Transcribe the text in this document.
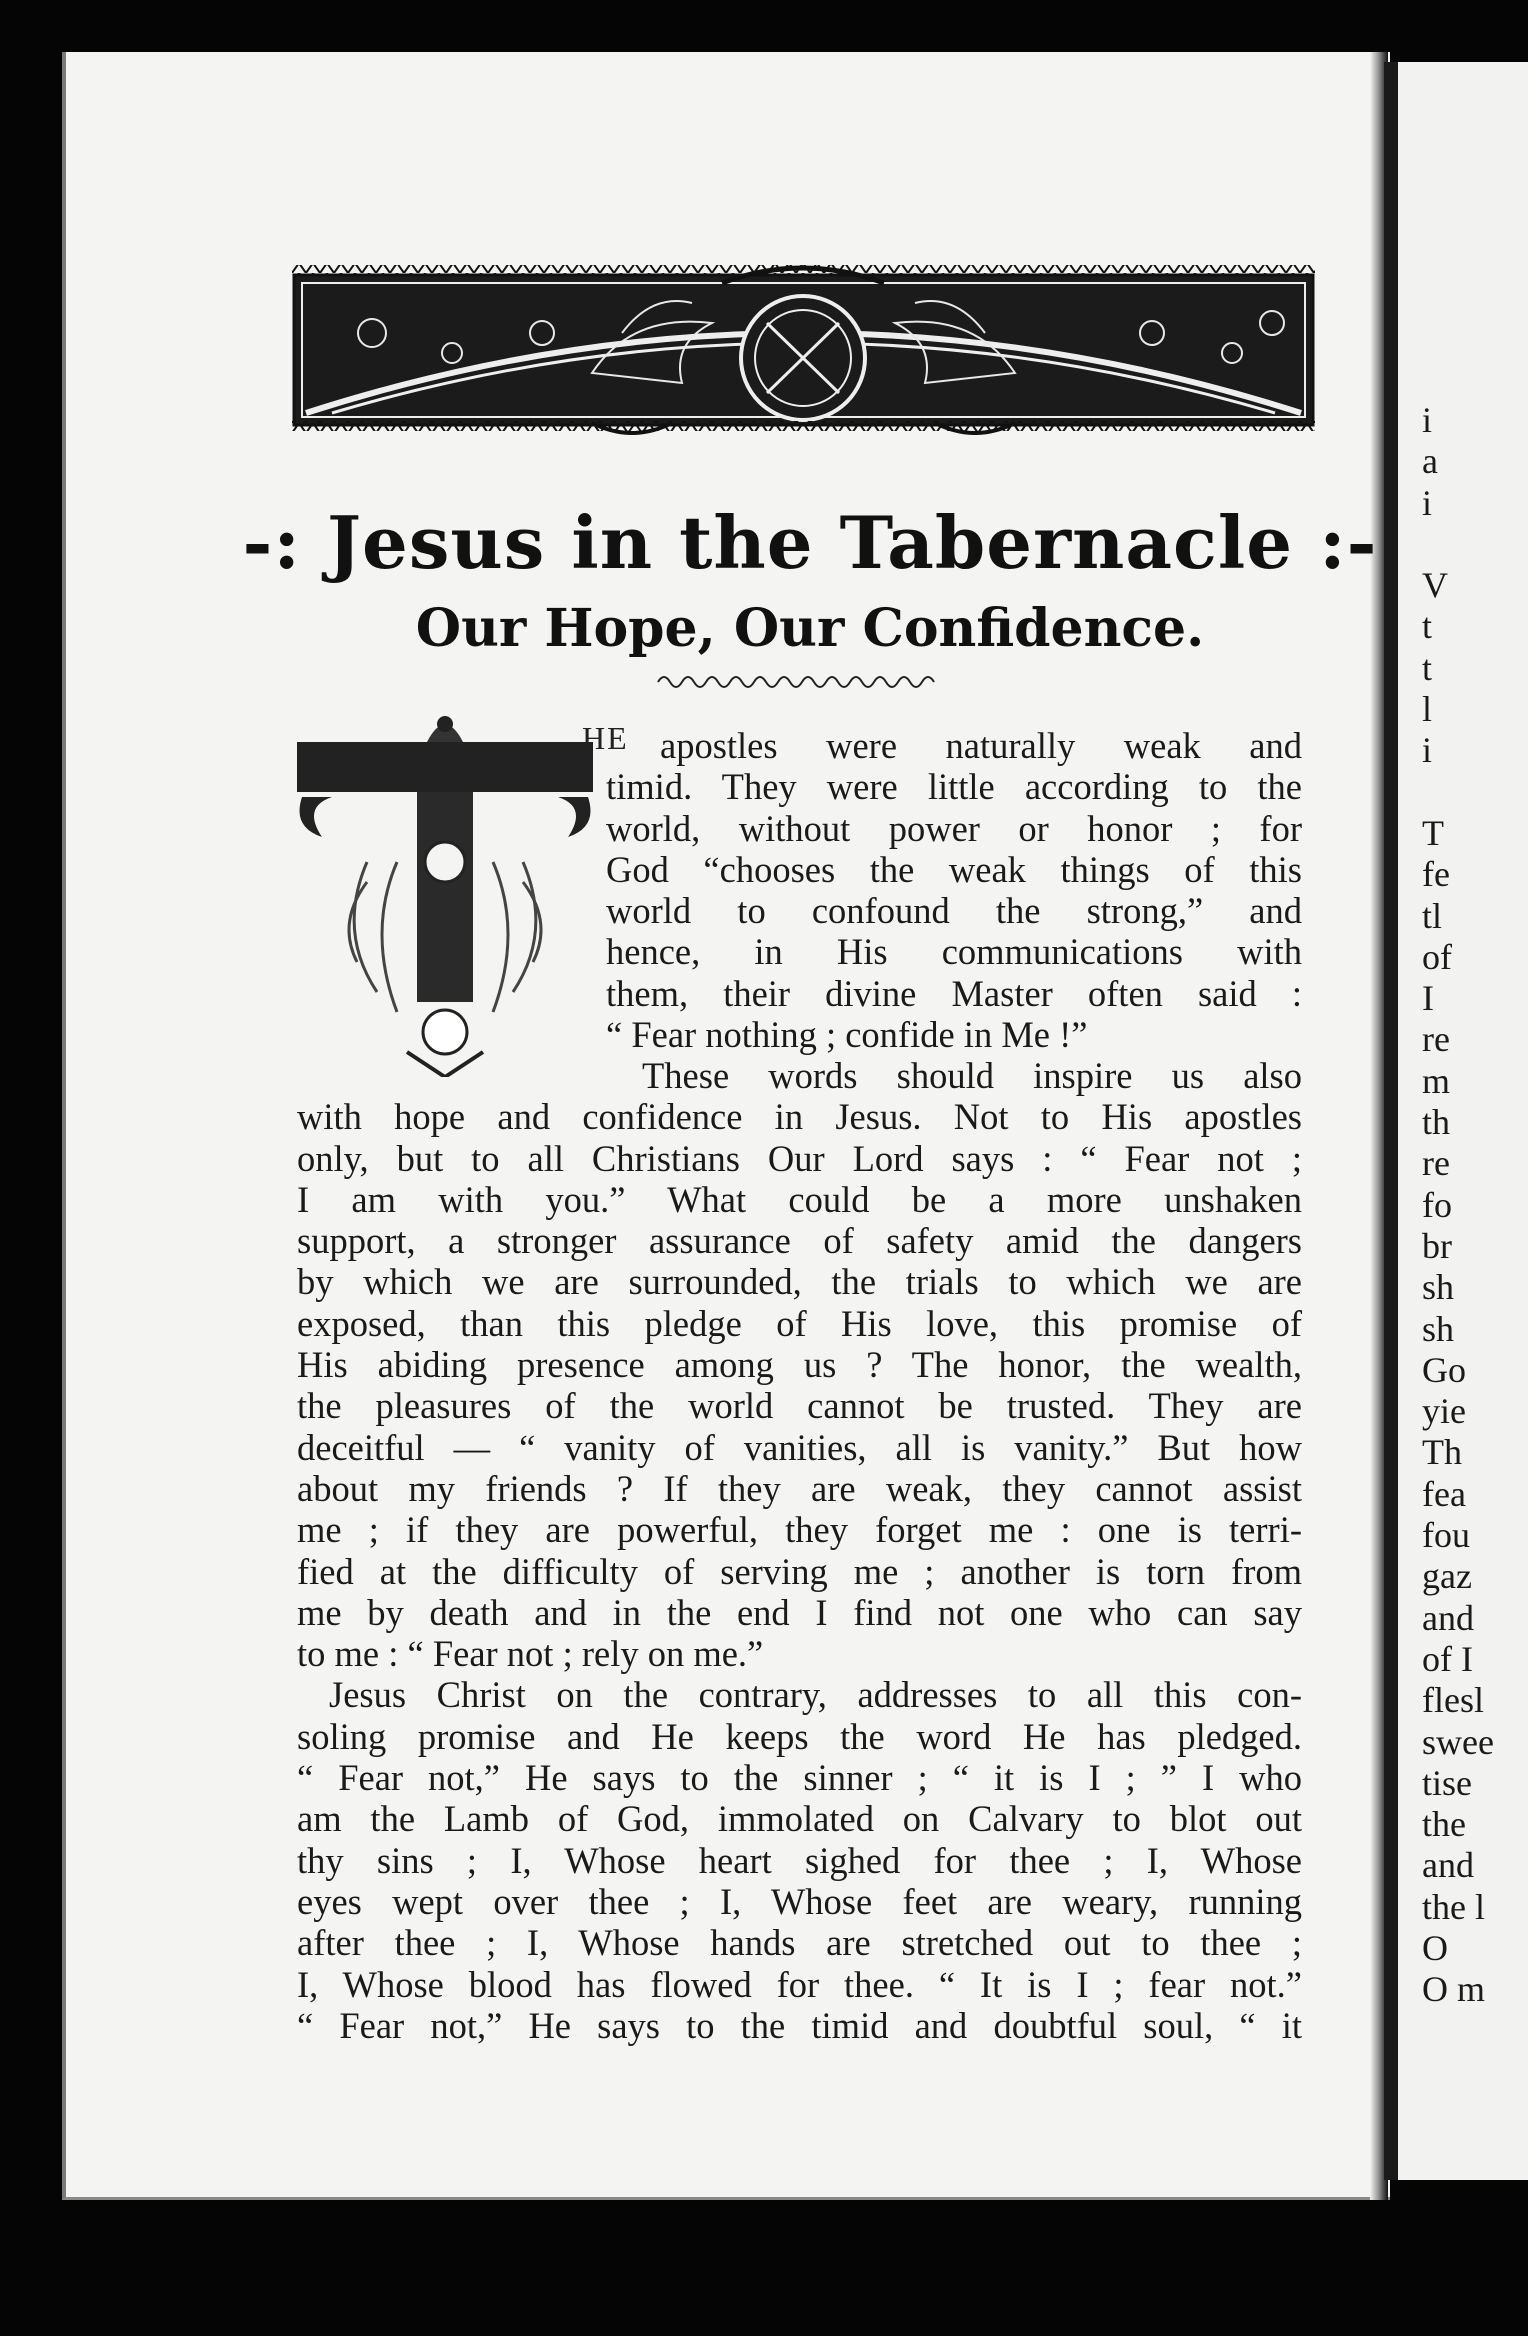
-: Jesus in the Tabernacle :-
Our Hope, Our Confidence.
HE apostles were naturally weak and
timid. They were little according to the
world, without power or honor ; for
God “chooses the weak things of this
world to confound the strong,” and
hence, in His communications with
them, their divine Master often said :
“ Fear nothing ; confide in Me !”
These words should inspire us also
with hope and confidence in Jesus. Not to His apostles
only, but to all Christians Our Lord says : “ Fear not ;
I am with you.” What could be a more unshaken
support, a stronger assurance of safety amid the dangers
by which we are surrounded, the trials to which we are
exposed, than this pledge of His love, this promise of
His abiding presence among us ? The honor, the wealth,
the pleasures of the world cannot be trusted. They are
deceitful — “ vanity of vanities, all is vanity.” But how
about my friends ? If they are weak, they cannot assist
me ; if they are powerful, they forget me : one is terri-
fied at the difficulty of serving me ; another is torn from
me by death and in the end I find not one who can say
to me : “ Fear not ; rely on me.”
Jesus Christ on the contrary, addresses to all this con-
soling promise and He keeps the word He has pledged.
“ Fear not,” He says to the sinner ; “ it is I ; ” I who
am the Lamb of God, immolated on Calvary to blot out
thy sins ; I, Whose heart sighed for thee ; I, Whose
eyes wept over thee ; I, Whose feet are weary, running
after thee ; I, Whose hands are stretched out to thee ;
I, Whose blood has flowed for thee. “ It is I ; fear not.”
“ Fear not,” He says to the timid and doubtful soul, “ it
i
a
i

V
t
t
l
i

T
fe
tl
of
I
re
m
th
re
fo
br
sh
sh
Go
yie
Th
fea
fou
gaz
and
of I
flesl
swee
tise
the
and
the l
O
O m
